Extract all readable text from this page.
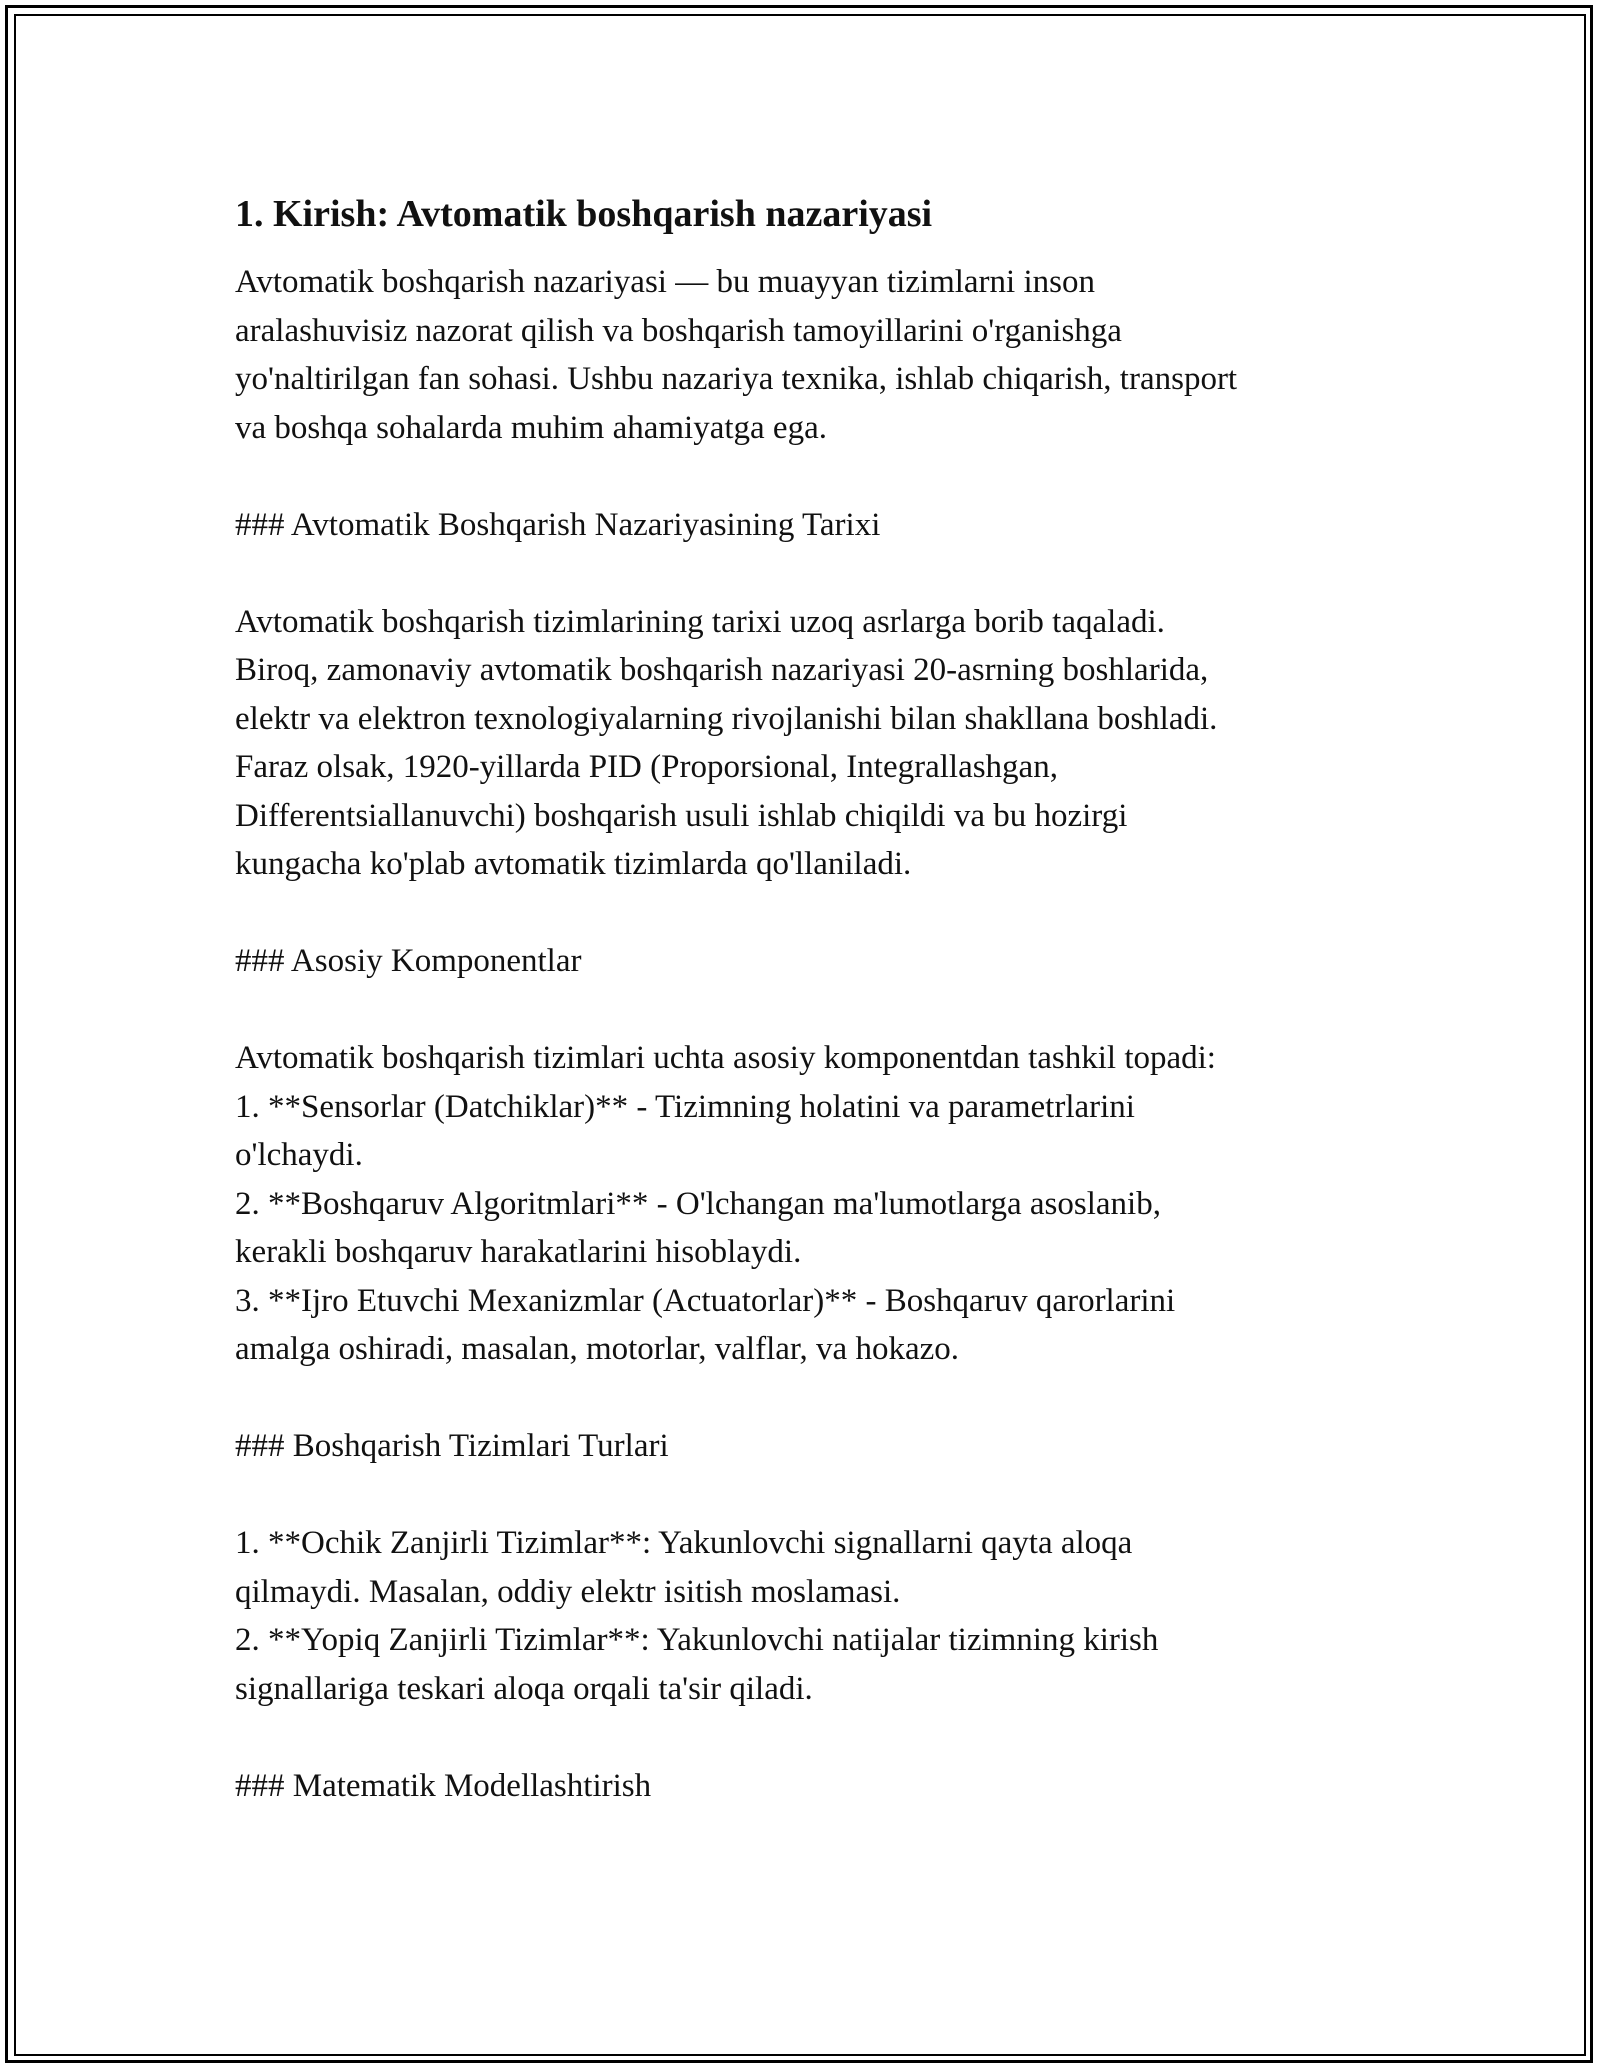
1. Kirish: Avtomatik boshqarish nazariyasi

Avtomatik boshqarish nazariyasi — bu muayyan tizimlarni inson
aralashuvisiz nazorat qilish va boshqarish tamoyillarini o'rganishga
yo'naltirilgan fan sohasi. Ushbu nazariya texnika, ishlab chiqarish, transport
va boshqa sohalarda muhim ahamiyatga ega.

### Avtomatik Boshqarish Nazariyasining Tarixi

Avtomatik boshqarish tizimlarining tarixi uzoq asrlarga borib taqaladi.
Biroq, zamonaviy avtomatik boshqarish nazariyasi 20-asrning boshlarida,
elektr va elektron texnologiyalarning rivojlanishi bilan shakllana boshladi.
Faraz olsak, 1920-yillarda PID (Proporsional, Integrallashgan,
Differentsiallanuvchi) boshqarish usuli ishlab chiqildi va bu hozirgi
kungacha ko'plab avtomatik tizimlarda qo'llaniladi.

### Asosiy Komponentlar

Avtomatik boshqarish tizimlari uchta asosiy komponentdan tashkil topadi:
1. **Sensorlar (Datchiklar)** - Tizimning holatini va parametrlarini
o'lchaydi.
2. **Boshqaruv Algoritmlari** - O'lchangan ma'lumotlarga asoslanib,
kerakli boshqaruv harakatlarini hisoblaydi.
3. **Ijro Etuvchi Mexanizmlar (Actuatorlar)** - Boshqaruv qarorlarini
amalga oshiradi, masalan, motorlar, valflar, va hokazo.

### Boshqarish Tizimlari Turlari

1. **Ochik Zanjirli Tizimlar**: Yakunlovchi signallarni qayta aloqa
qilmaydi. Masalan, oddiy elektr isitish moslamasi.
2. **Yopiq Zanjirli Tizimlar**: Yakunlovchi natijalar tizimning kirish
signallariga teskari aloqa orqali ta'sir qiladi.

### Matematik Modellashtirish
